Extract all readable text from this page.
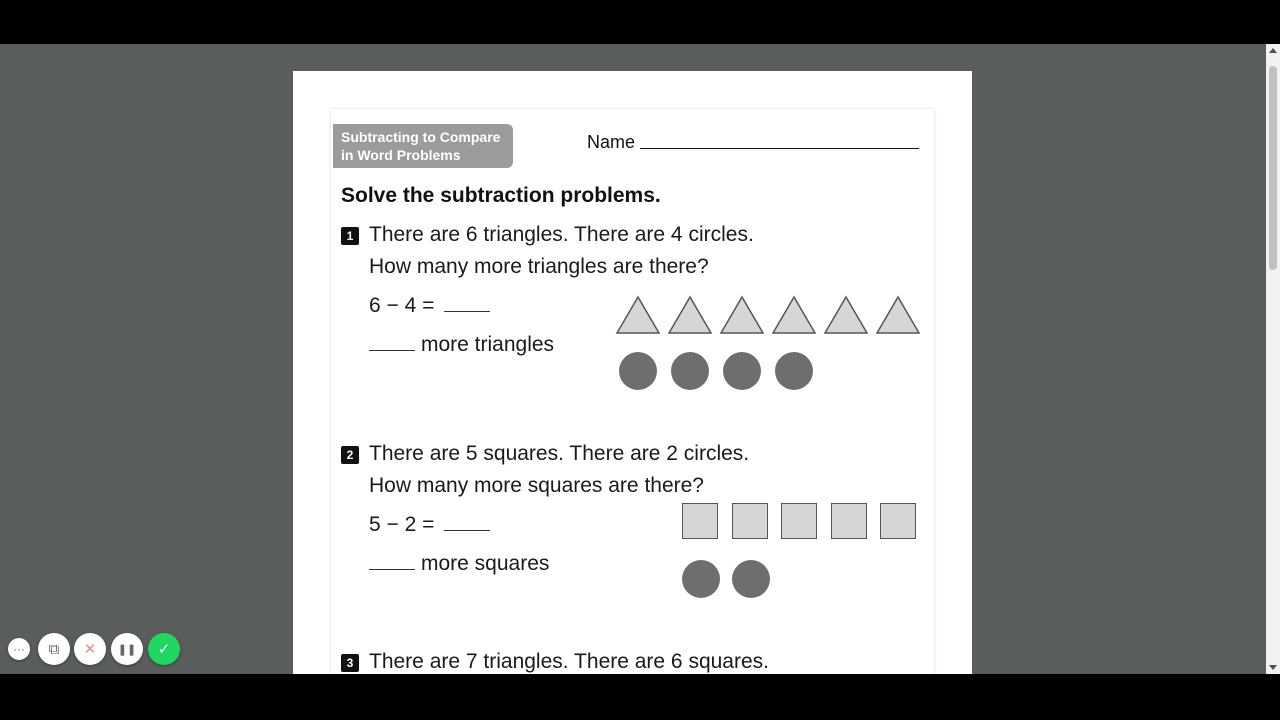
Subtracting to Compare
in Word Problems
Name
Solve the subtraction problems.
1 There are 6 triangles. There are 4 circles.
How many more triangles are there?
6 − 4 =
more triangles
2 There are 5 squares. There are 2 circles.
How many more squares are there?
5 − 2 =
more squares
3 There are 7 triangles. There are 6 squares.
··· ⧉ ✕ ❚❚ ✓
